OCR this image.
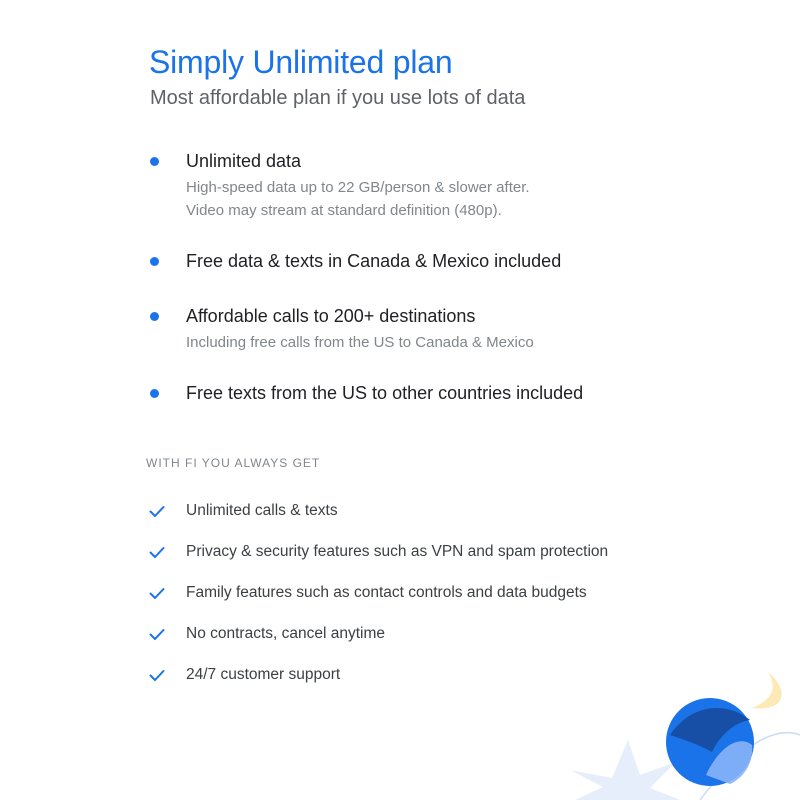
Simply Unlimited plan

Most affordable plan if you use lots of data

Unlimited data
High-speed data up to 22 GB/person & slower after.
Video may stream at standard definition (480p).
Free data & texts in Canada & Mexico included
Affordable calls to 200+ destinations
Including free calls from the US to Canada & Mexico
Free texts from the US to other countries included
WITH FI YOU ALWAYS GET
Unlimited calls & texts
Privacy & security features such as VPN and spam protection
Family features such as contact controls and data budgets
No contracts, cancel anytime
24/7 customer support
